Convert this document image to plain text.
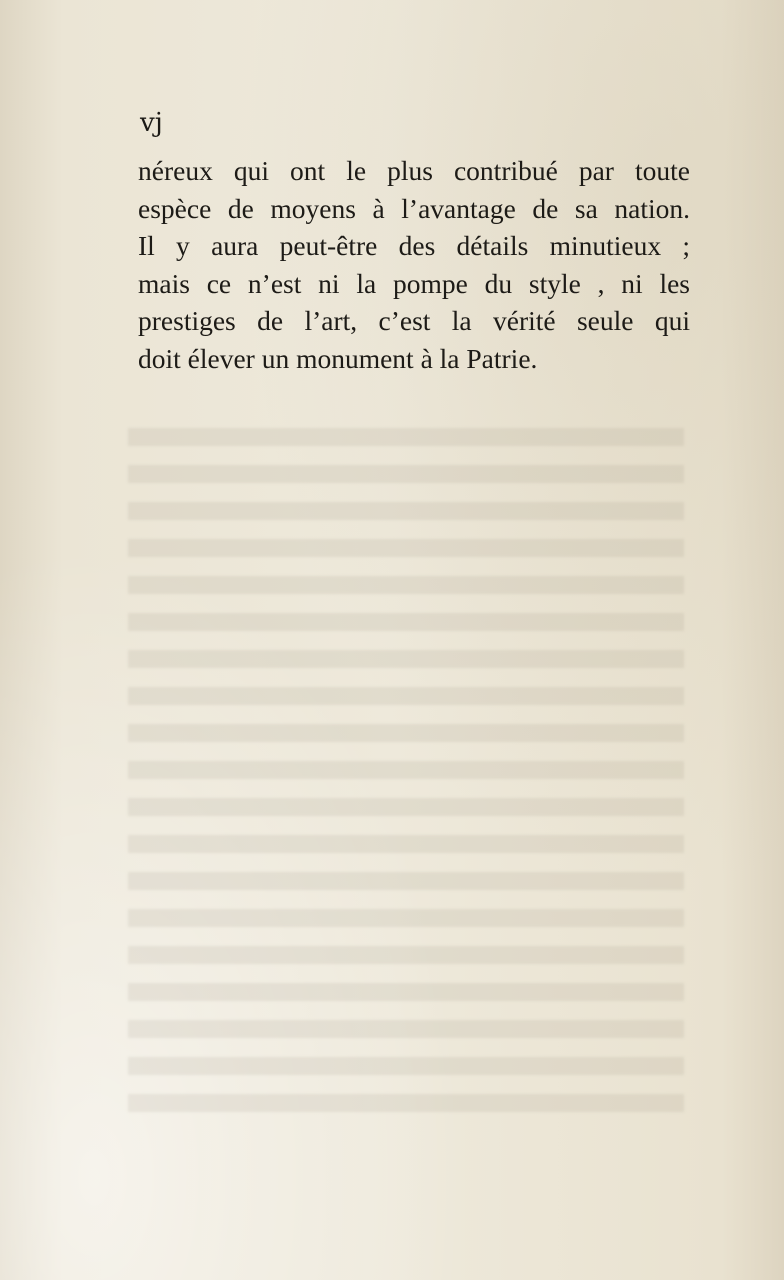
vj

néreux qui ont le plus contribué par toute
espèce de moyens à l’avantage de sa nation.
Il y aura peut-être des détails minutieux ;
mais ce n’est ni la pompe du style , ni les
prestiges de l’art, c’est la vérité seule qui
doit élever un monument à la Patrie.
